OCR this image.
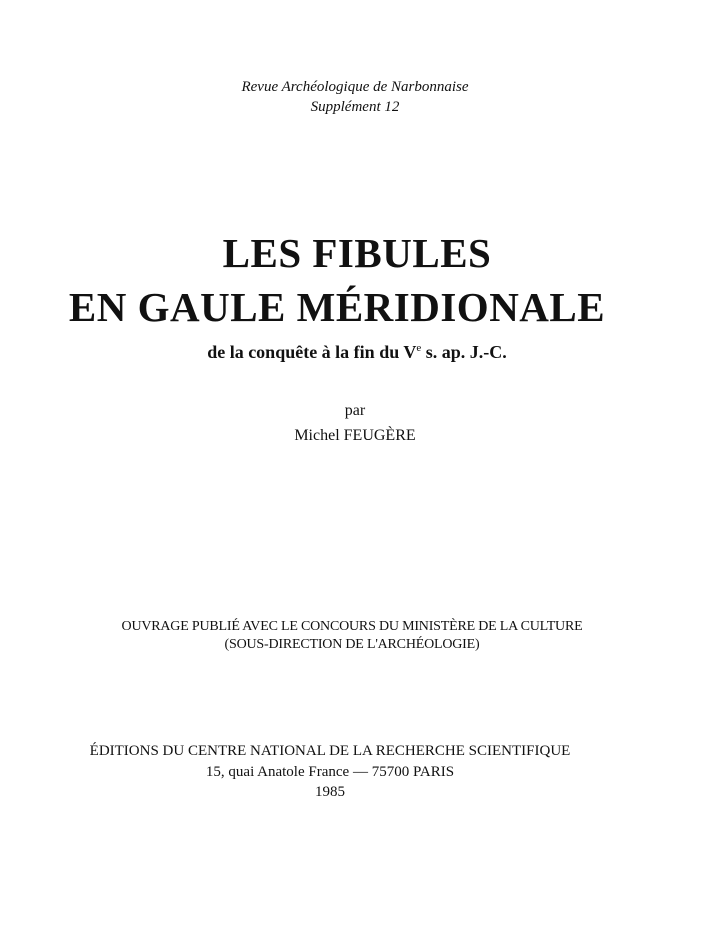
Revue Archéologique de Narbonnaise
Supplément 12
LES FIBULES
EN GAULE MÉRIDIONALE
de la conquête à la fin du Ve s. ap. J.-C.
par
Michel FEUGÈRE
OUVRAGE PUBLIÉ AVEC LE CONCOURS DU MINISTÈRE DE LA CULTURE
(SOUS-DIRECTION DE L'ARCHÉOLOGIE)
ÉDITIONS DU CENTRE NATIONAL DE LA RECHERCHE SCIENTIFIQUE
15, quai Anatole France — 75700 PARIS
1985
